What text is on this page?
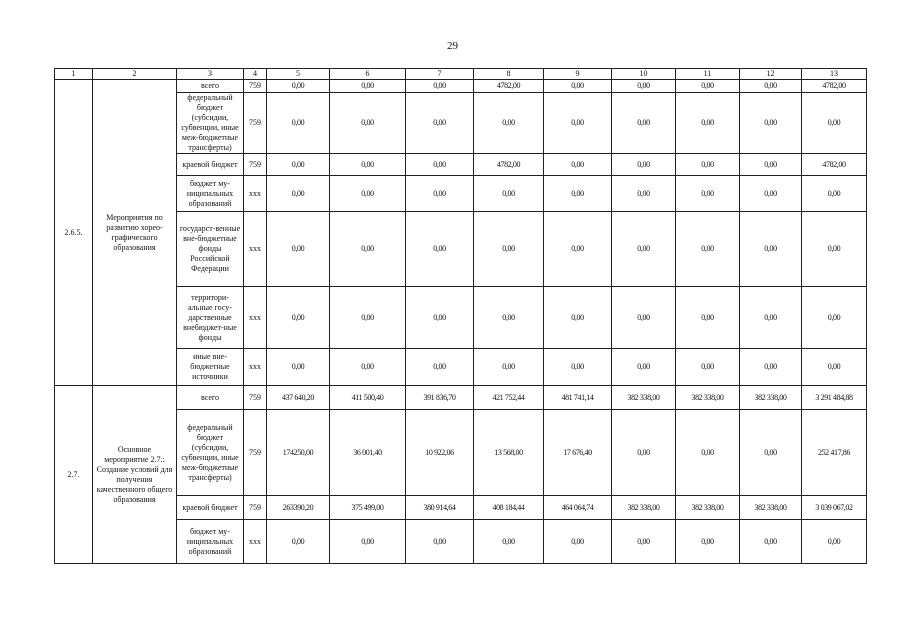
29
1	2	3	4	5	6	7	8	9	10	11	12	13
2.6.5.	Мероприятия по развитию хорео-графического образования	всего	759	0,00	0,00	0,00	4782,00	0,00	0,00	0,00	0,00	4782,00
		федеральный бюджет (субсидии, субвенции, иные меж-бюджетные трансферты)	759	0,00	0,00	0,00	0,00	0,00	0,00	0,00	0,00	0,00
		краевой бюджет	759	0,00	0,00	0,00	4782,00	0,00	0,00	0,00	0,00	4782,00
		бюджет му-ниципальных образований	ххх	0,00	0,00	0,00	0,00	0,00	0,00	0,00	0,00	0,00
		государст-венные вне-бюджетные фонды Российской Федерации	ххх	0,00	0,00	0,00	0,00	0,00	0,00	0,00	0,00	0,00
		территори-альные госу-дарственные внебюджет-ные фонды	ххх	0,00	0,00	0,00	0,00	0,00	0,00	0,00	0,00	0,00
		иные вне-бюджетные источники	ххх	0,00	0,00	0,00	0,00	0,00	0,00	0,00	0,00	0,00
2.7.	Основное мероприятие 2.7.: Создание условий для получения качественного общего образования	всего	759	437 640,20	411 500,40	391 836,70	421 752,44	481 741,14	382 338,00	382 338,00	382 338,00	3 291 484,88
		федеральный бюджет (субсидии, субвенции, иные меж-бюджетные трансферты)	759	174250,00	36 001,40	10 922,06	13 568,00	17 676,40	0,00	0,00	0,00	252 417,86
		краевой бюджет	759	263390,20	375 499,00	380 914,64	408 184,44	464 064,74	382 338,00	382 338,00	382 338,00	3 039 067,02
		бюджет му-ниципальных образований	ххх	0,00	0,00	0,00	0,00	0,00	0,00	0,00	0,00	0,00
